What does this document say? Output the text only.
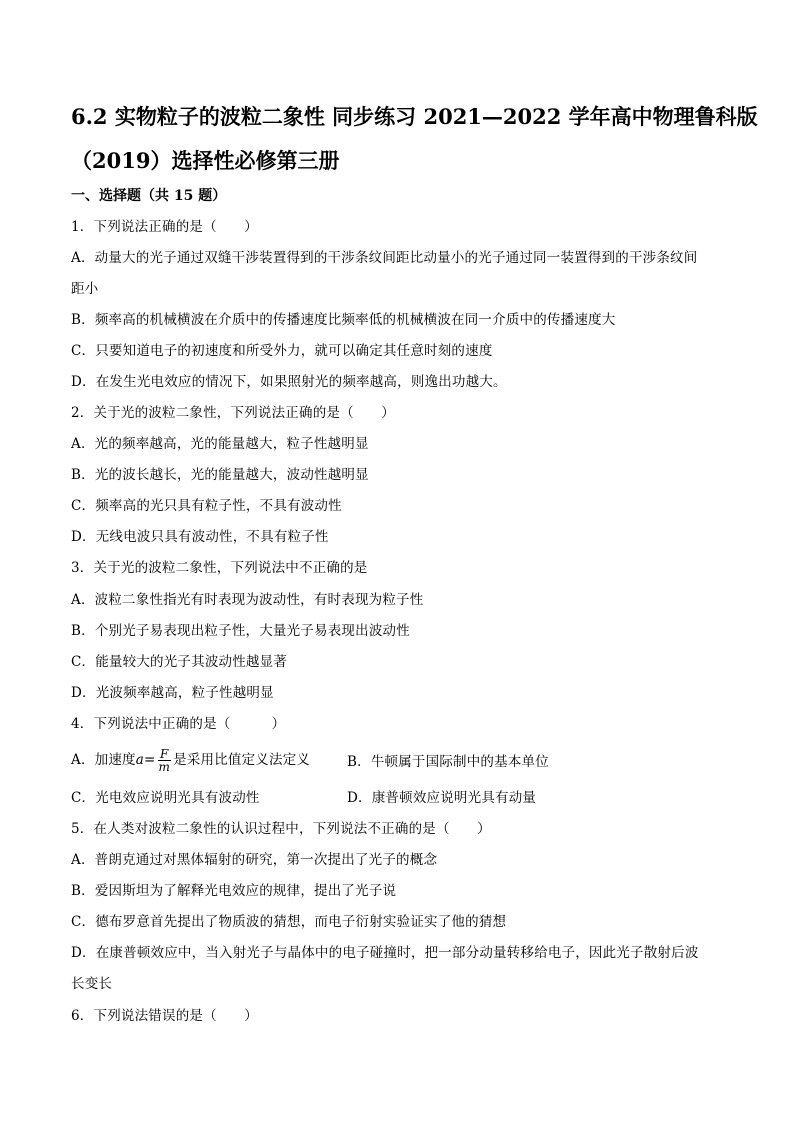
6.2 实物粒子的波粒二象性 同步练习 2021—2022 学年高中物理鲁科版
（2019）选择性必修第三册
一、选择题（共 15 题）
1．下列说法正确的是（　　）
A．动量大的光子通过双缝干涉装置得到的干涉条纹间距比动量小的光子通过同一装置得到的干涉条纹间
距小
B．频率高的机械横波在介质中的传播速度比频率低的机械横波在同一介质中的传播速度大
C．只要知道电子的初速度和所受外力，就可以确定其任意时刻的速度
D．在发生光电效应的情况下，如果照射光的频率越高，则逸出功越大。
2．关于光的波粒二象性，下列说法正确的是（　　）
A．光的频率越高，光的能量越大，粒子性越明显
B．光的波长越长，光的能量越大，波动性越明显
C．频率高的光只具有粒子性，不具有波动性
D．无线电波只具有波动性，不具有粒子性
3．关于光的波粒二象性，下列说法中不正确的是
A．波粒二象性指光有时表现为波动性，有时表现为粒子性
B．个别光子易表现出粒子性，大量光子易表现出波动性
C．能量较大的光子其波动性越显著
D．光波频率越高，粒子性越明显
4．下列说法中正确的是（　　　）
A．加速度$a= \frac{F}{m}$ 是采用比值定义法定义	B．牛顿属于国际制中的基本单位
C．光电效应说明光具有波动性	D．康普顿效应说明光具有动量
5．在人类对波粒二象性的认识过程中，下列说法不正确的是（　　）
A．普朗克通过对黑体辐射的研究，第一次提出了光子的概念
B．爱因斯坦为了解释光电效应的规律，提出了光子说
C．德布罗意首先提出了物质波的猜想，而电子衍射实验证实了他的猜想
D．在康普顿效应中，当入射光子与晶体中的电子碰撞时，把一部分动量转移给电子，因此光子散射后波
长变长
6．下列说法错误的是（　　）
